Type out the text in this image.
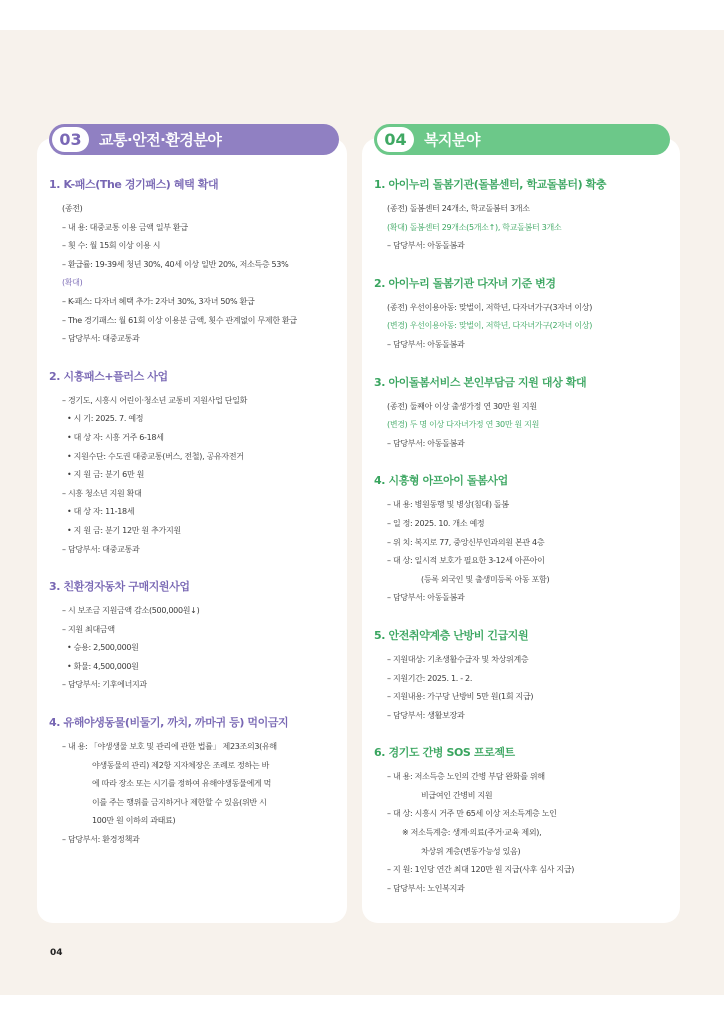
1. K-패스(The 경기패스) 혜택 확대
(종전)
– 내 용: 대중교통 이용 금액 일부 환급
– 횟 수: 월 15회 이상 이용 시
– 환급률: 19-39세 청년 30%, 40세 이상 일반 20%, 저소득층 53%
(확대)
– K-패스: 다자녀 혜택 추가: 2자녀 30%, 3자녀 50% 환급
– The 경기패스: 월 61회 이상 이용분 금액, 횟수 관계없이 무제한 환급
– 담당부서: 대중교통과
2. 시흥패스+플러스 사업
– 경기도, 시흥시 어린이·청소년 교통비 지원사업 단일화
• 시 기: 2025. 7. 예정
• 대 상 자: 시흥 거주 6-18세
• 지원수단: 수도권 대중교통(버스, 전철), 공유자전거
• 지 원 금: 분기 6만 원
– 시흥 청소년 지원 확대
• 대 상 자: 11-18세
• 지 원 금: 분기 12만 원 추가지원
– 담당부서: 대중교통과
3. 친환경자동차 구매지원사업
– 시 보조금 지원금액 감소(500,000원↓)
– 지원 최대금액
• 승용: 2,500,000원
• 화물: 4,500,000원
– 담당부서: 기후에너지과
4. 유해야생동물(비둘기, 까치, 까마귀 등) 먹이금지
– 내 용: 「야생생물 보호 및 관리에 관한 법률」 제23조의3(유해
야생동물의 관리) 제2항 지자체장은 조례로 정하는 바
에 따라 장소 또는 시기를 정하여 유해야생동물에게 먹
이를 주는 행위를 금지하거나 제한할 수 있음(위반 시
100만 원 이하의 과태료)
– 담당부서: 환경정책과
1. 아이누리 돌봄기관(돌봄센터, 학교돌봄터) 확충
(종전) 돌봄센터 24개소, 학교돌봄터 3개소
(확대) 돌봄센터 29개소(5개소↑), 학교돌봄터 3개소
– 담당부서: 아동돌봄과
2. 아이누리 돌봄기관 다자녀 기준 변경
(종전) 우선이용아동: 맞벌이, 저학년, 다자녀가구(3자녀 이상)
(변경) 우선이용아동: 맞벌이, 저학년, 다자녀가구(2자녀 이상)
– 담당부서: 아동돌봄과
3. 아이돌봄서비스 본인부담금 지원 대상 확대
(종전) 둘째아 이상 출생가정 연 30만 원 지원
(변경) 두 명 이상 다자녀가정 연 30만 원 지원
– 담당부서: 아동돌봄과
4. 시흥형 아프아이 돌봄사업
– 내 용: 병원동행 및 병상(침대) 돌봄
– 일 정: 2025. 10. 개소 예정
– 위 치: 복지로 77, 중앙신부인과의원 본관 4층
– 대 상: 일시적 보호가 필요한 3-12세 아픈아이
(등록 외국인 및 출생미등록 아동 포함)
– 담당부서: 아동돌봄과
5. 안전취약계층 난방비 긴급지원
– 지원대상: 기초생활수급자 및 차상위계층
– 지원기간: 2025. 1. - 2.
– 지원내용: 가구당 난방비 5만 원(1회 지급)
– 담당부서: 생활보장과
6. 경기도 간병 SOS 프로젝트
– 내 용: 저소득층 노인의 간병 부담 완화를 위해
비급여인 간병비 지원
– 대 상: 시흥시 거주 만 65세 이상 저소득계층 노인
※ 저소득계층: 생계·의료(주거·교육 제외),
차상위 계층(변동가능성 있음)
– 지 원: 1인당 연간 최대 120만 원 지급(사후 심사 지급)
– 담당부서: 노인복지과
03	교통·안전·환경분야	04	복지분야
04
